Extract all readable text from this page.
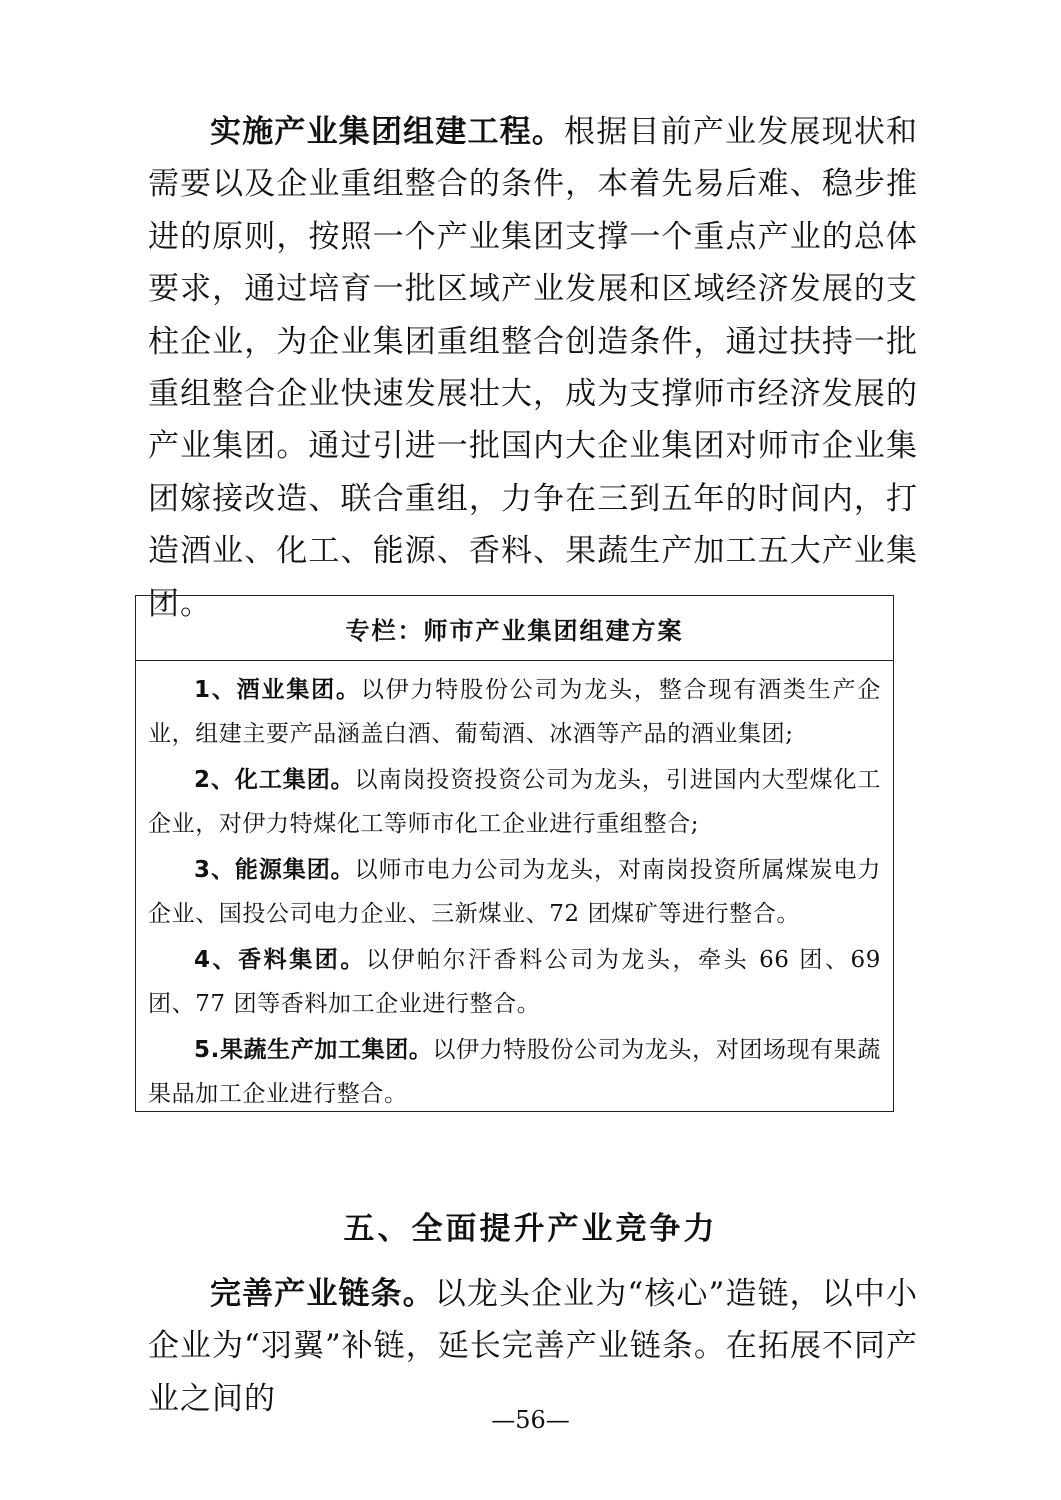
实施产业集团组建工程。根据目前产业发展现状和需要以及企业重组整合的条件，本着先易后难、稳步推进的原则，按照一个产业集团支撑一个重点产业的总体要求，通过培育一批区域产业发展和区域经济发展的支柱企业，为企业集团重组整合创造条件，通过扶持一批重组整合企业快速发展壮大，成为支撑师市经济发展的产业集团。通过引进一批国内大企业集团对师市企业集团嫁接改造、联合重组，力争在三到五年的时间内，打造酒业、化工、能源、香料、果蔬生产加工五大产业集团。

专栏：师市产业集团组建方案

1、酒业集团。以伊力特股份公司为龙头，整合现有酒类生产企业，组建主要产品涵盖白酒、葡萄酒、冰酒等产品的酒业集团;

2、化工集团。以南岗投资投资公司为龙头，引进国内大型煤化工企业，对伊力特煤化工等师市化工企业进行重组整合;

3、能源集团。以师市电力公司为龙头，对南岗投资所属煤炭电力企业、国投公司电力企业、三新煤业、72 团煤矿等进行整合。

4、香料集团。以伊帕尔汗香料公司为龙头，牵头 66 团、69 团、77 团等香料加工企业进行整合。

5.果蔬生产加工集团。以伊力特股份公司为龙头，对团场现有果蔬果品加工企业进行整合。

五、全面提升产业竞争力

完善产业链条。以龙头企业为“核心”造链，以中小企业为“羽翼”补链，延长完善产业链条。在拓展不同产业之间的

—56—
